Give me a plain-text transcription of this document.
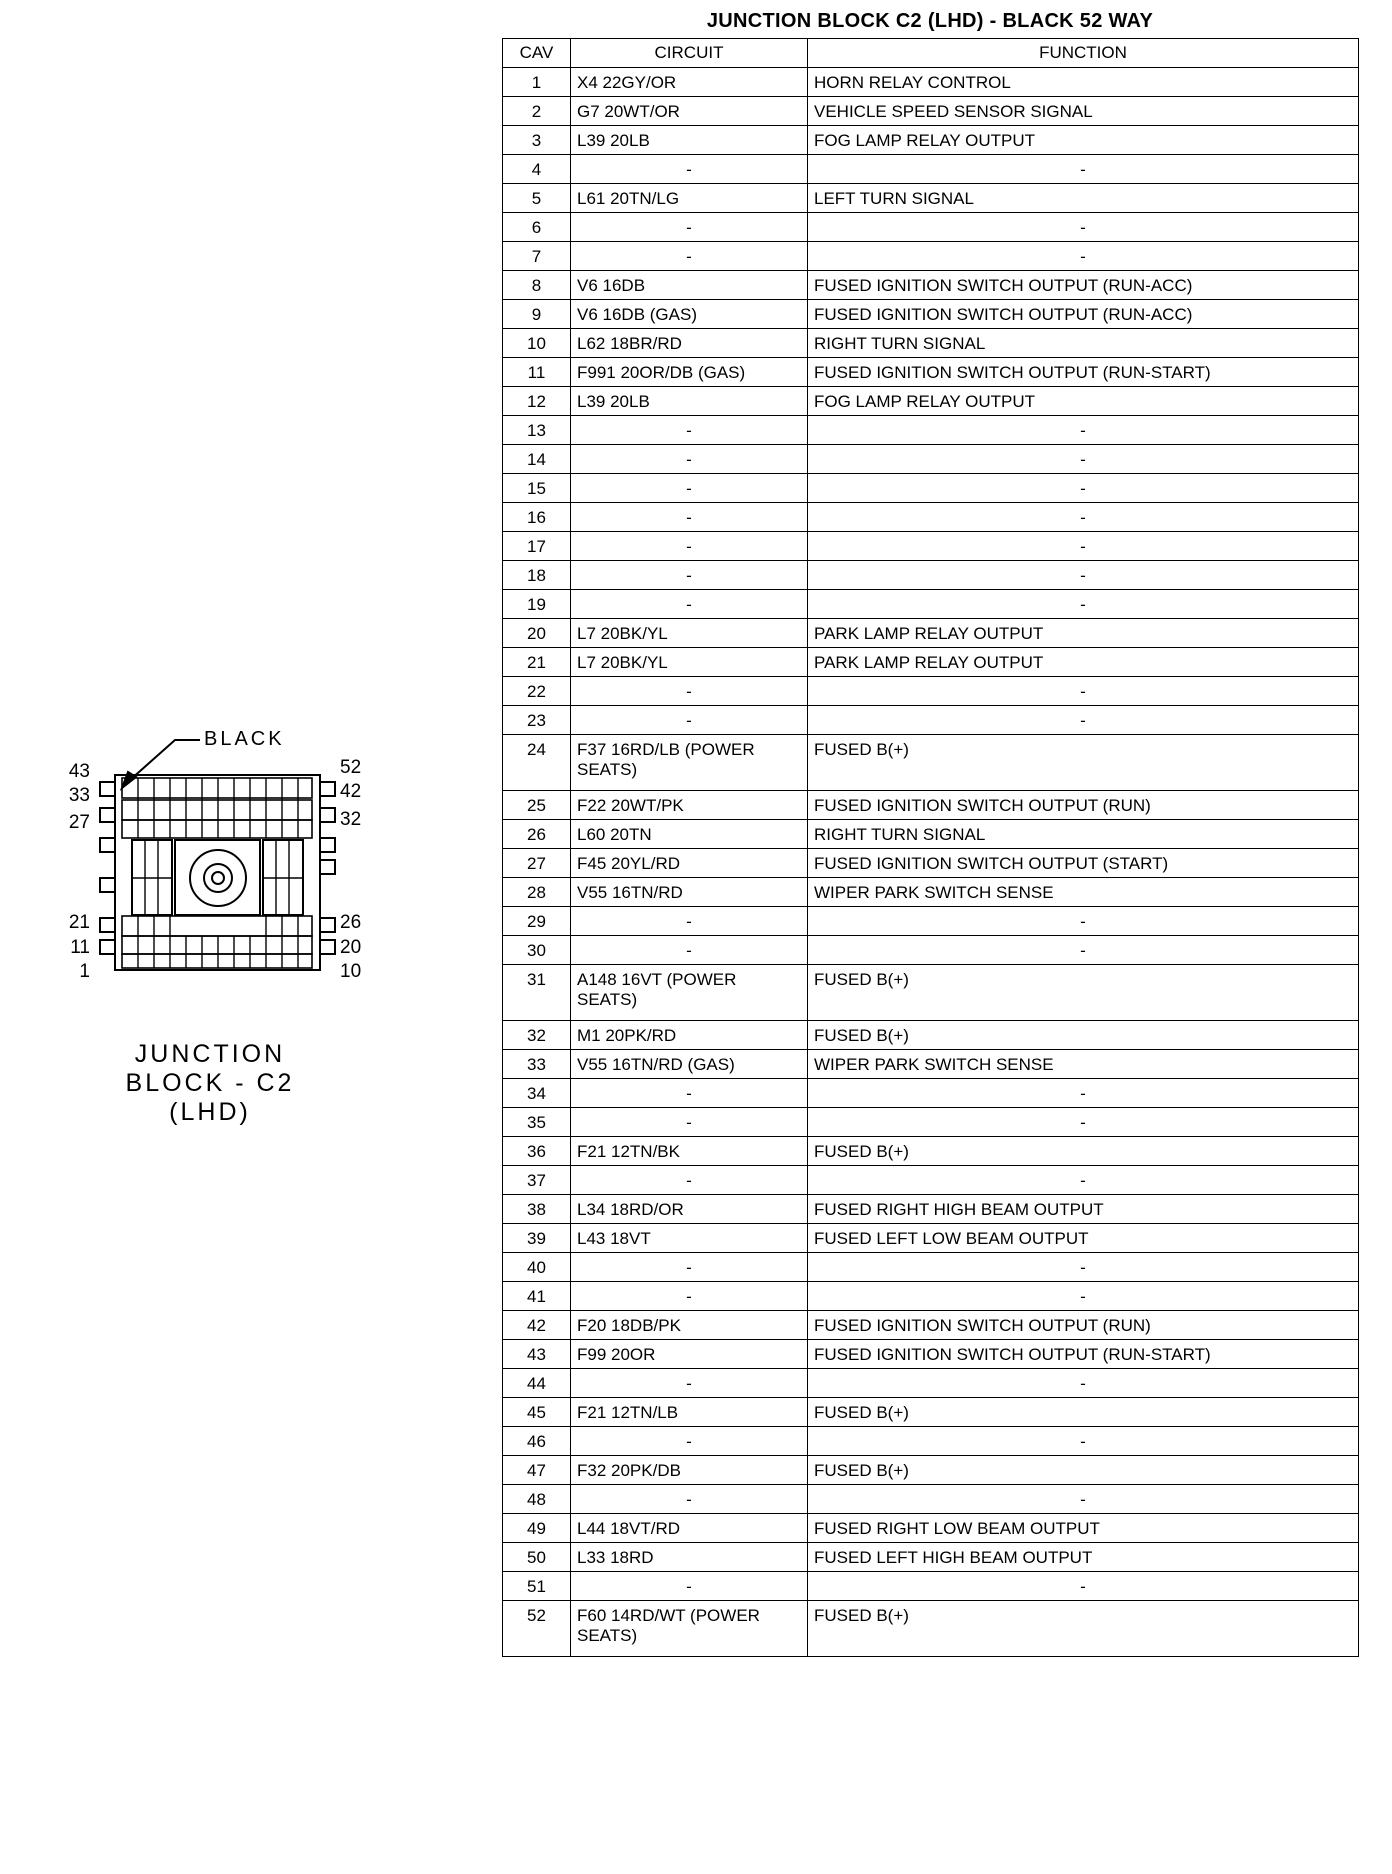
BLACK
43
33
27
21
11
1
52
42
32
26
20
10
JUNCTION
BLOCK - C2
(LHD)
JUNCTION BLOCK C2 (LHD) - BLACK 52 WAY
CAV	CIRCUIT	FUNCTION
1	X4 22GY/OR	HORN RELAY CONTROL
2	G7 20WT/OR	VEHICLE SPEED SENSOR SIGNAL
3	L39 20LB	FOG LAMP RELAY OUTPUT
4	-	-
5	L61 20TN/LG	LEFT TURN SIGNAL
6	-	-
7	-	-
8	V6 16DB	FUSED IGNITION SWITCH OUTPUT (RUN-ACC)
9	V6 16DB (GAS)	FUSED IGNITION SWITCH OUTPUT (RUN-ACC)
10	L62 18BR/RD	RIGHT TURN SIGNAL
11	F991 20OR/DB (GAS)	FUSED IGNITION SWITCH OUTPUT (RUN-START)
12	L39 20LB	FOG LAMP RELAY OUTPUT
13	-	-
14	-	-
15	-	-
16	-	-
17	-	-
18	-	-
19	-	-
20	L7 20BK/YL	PARK LAMP RELAY OUTPUT
21	L7 20BK/YL	PARK LAMP RELAY OUTPUT
22	-	-
23	-	-
24	F37 16RD/LB (POWER SEATS)	FUSED B(+)
25	F22 20WT/PK	FUSED IGNITION SWITCH OUTPUT (RUN)
26	L60 20TN	RIGHT TURN SIGNAL
27	F45 20YL/RD	FUSED IGNITION SWITCH OUTPUT (START)
28	V55 16TN/RD	WIPER PARK SWITCH SENSE
29	-	-
30	-	-
31	A148 16VT (POWER SEATS)	FUSED B(+)
32	M1 20PK/RD	FUSED B(+)
33	V55 16TN/RD (GAS)	WIPER PARK SWITCH SENSE
34	-	-
35	-	-
36	F21 12TN/BK	FUSED B(+)
37	-	-
38	L34 18RD/OR	FUSED RIGHT HIGH BEAM OUTPUT
39	L43 18VT	FUSED LEFT LOW BEAM OUTPUT
40	-	-
41	-	-
42	F20 18DB/PK	FUSED IGNITION SWITCH OUTPUT (RUN)
43	F99 20OR	FUSED IGNITION SWITCH OUTPUT (RUN-START)
44	-	-
45	F21 12TN/LB	FUSED B(+)
46	-	-
47	F32 20PK/DB	FUSED B(+)
48	-	-
49	L44 18VT/RD	FUSED RIGHT LOW BEAM OUTPUT
50	L33 18RD	FUSED LEFT HIGH BEAM OUTPUT
51	-	-
52	F60 14RD/WT (POWER SEATS)	FUSED B(+)
